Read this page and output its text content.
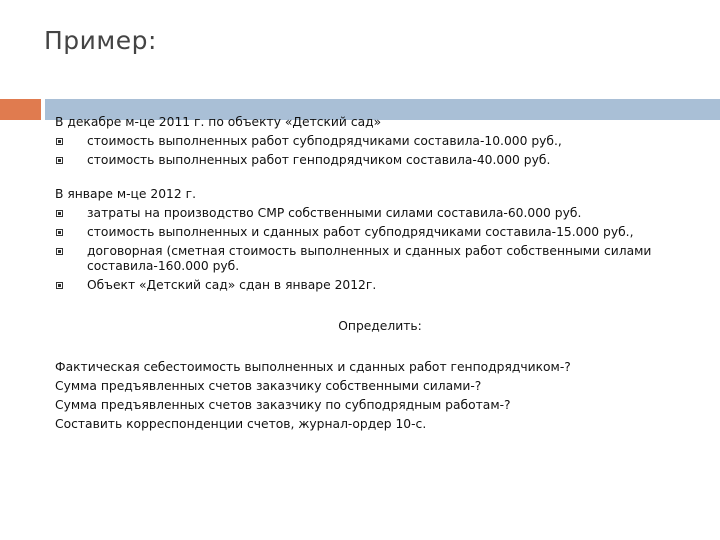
Пример:
В декабре м-це 2011 г. по объекту «Детский сад»
стоимость выполненных работ субподрядчиками составила-10.000 руб.,
стоимость выполненных работ генподрядчиком составила-40.000 руб.
В январе м-це 2012 г.
затраты на производство СМР собственными силами составила-60.000 руб.
стоимость выполненных и сданных работ субподрядчиками составила-15.000 руб.,
договорная (сметная стоимость выполненных и сданных работ собственными силами составила-160.000 руб.
Объект «Детский сад» сдан в январе 2012г.
Определить:
Фактическая себестоимость выполненных и сданных работ генподрядчиком-?
Сумма предъявленных счетов заказчику собственными силами-?
Сумма предъявленных счетов заказчику по субподрядным работам-?
Составить корреспонденции счетов, журнал-ордер 10-с.
